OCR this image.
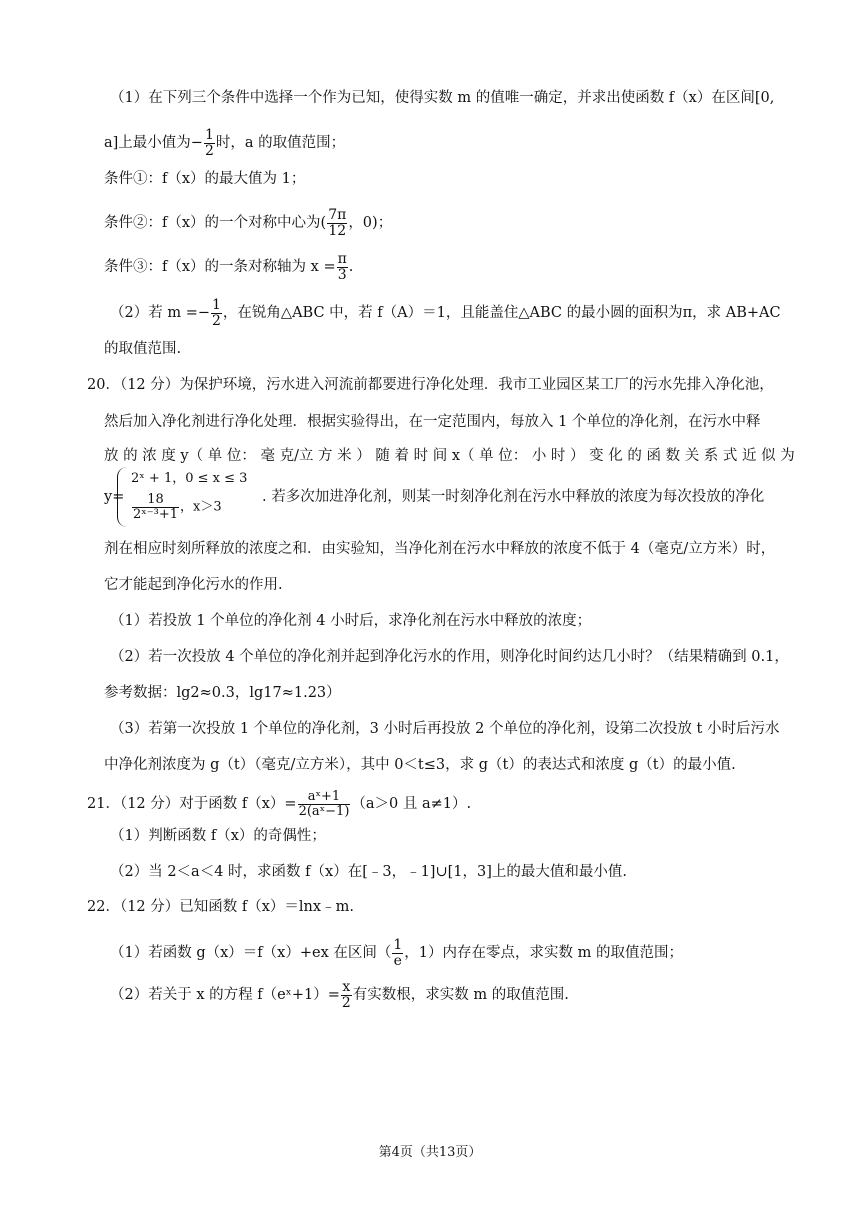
（1）在下列三个条件中选择一个作为已知，使得实数 m 的值唯一确定，并求出使函数 f（x）在区间[0,
a]上最小值为− $\frac{1}{2}$ 时，a 的取值范围；
条件①：f（x）的最大值为 1；
条件②：f（x）的一个对称中心为( $\frac{7\pi}{12}$ ，0)；
条件③：f（x）的一条对称轴为 $x = \frac{\pi}{3}$ .
（2）若 $m =- \frac{1}{2}$ ，在锐角△ABC 中，若 f（A）＝1，且能盖住△ABC 的最小圆的面积为π，求 AB+AC
的取值范围.
20．（12 分）为保护环境，污水进入河流前都要进行净化处理．我市工业园区某工厂的污水先排入净化池，
然后加入净化剂进行净化处理．根据实验得出，在一定范围内，每放入 1 个单位的净化剂，在污水中释
放 的 浓 度 y（ 单 位： 毫 克/立 方 米 ） 随 着 时 间 x（ 单 位： 小 时 ） 变 化 的 函 数 关 系 式 近 似 为
y=
2ˣ + 1，0 ≤ x ≤ 3
$\frac{18}{\text{2ˣ⁻³+1}}$ ，x＞3
. 若多次加进净化剂，则某一时刻净化剂在污水中释放的浓度为每次投放的净化
剂在相应时刻所释放的浓度之和．由实验知，当净化剂在污水中释放的浓度不低于 4（毫克/立方米）时，
它才能起到净化污水的作用.
（1）若投放 1 个单位的净化剂 4 小时后，求净化剂在污水中释放的浓度；
（2）若一次投放 4 个单位的净化剂并起到净化污水的作用，则净化时间约达几小时？（结果精确到 0.1，
参考数据：lg2≈0.3，lg17≈1.23）
（3）若第一次投放 1 个单位的净化剂，3 小时后再投放 2 个单位的净化剂，设第二次投放 t 小时后污水
中净化剂浓度为 g（t）（毫克/立方米），其中 0＜t≤3，求 g（t）的表达式和浓度 g（t）的最小值.
21．（12 分）对于函数 $f(x)= \frac{\text{aˣ+1}}{\text{2(aˣ−1)}} (a>0$ 且 a≠1）.
（1）判断函数 f（x）的奇偶性；
（2）当 2＜a＜4 时，求函数 f（x）在[﹣3，﹣1]∪[1，3]上的最大值和最小值.
22．（12 分）已知函数 f（x）＝lnx﹣m.
（1）若函数 g（x）＝f（x）+ex 在区间（ $\frac{1}{e}$ ，1）内存在零点，求实数 m 的取值范围；
（2）若关于 x 的方程 f（eˣ+1）= $\frac{x}{2}$ 有实数根，求实数 m 的取值范围.
第4页（共13页）
